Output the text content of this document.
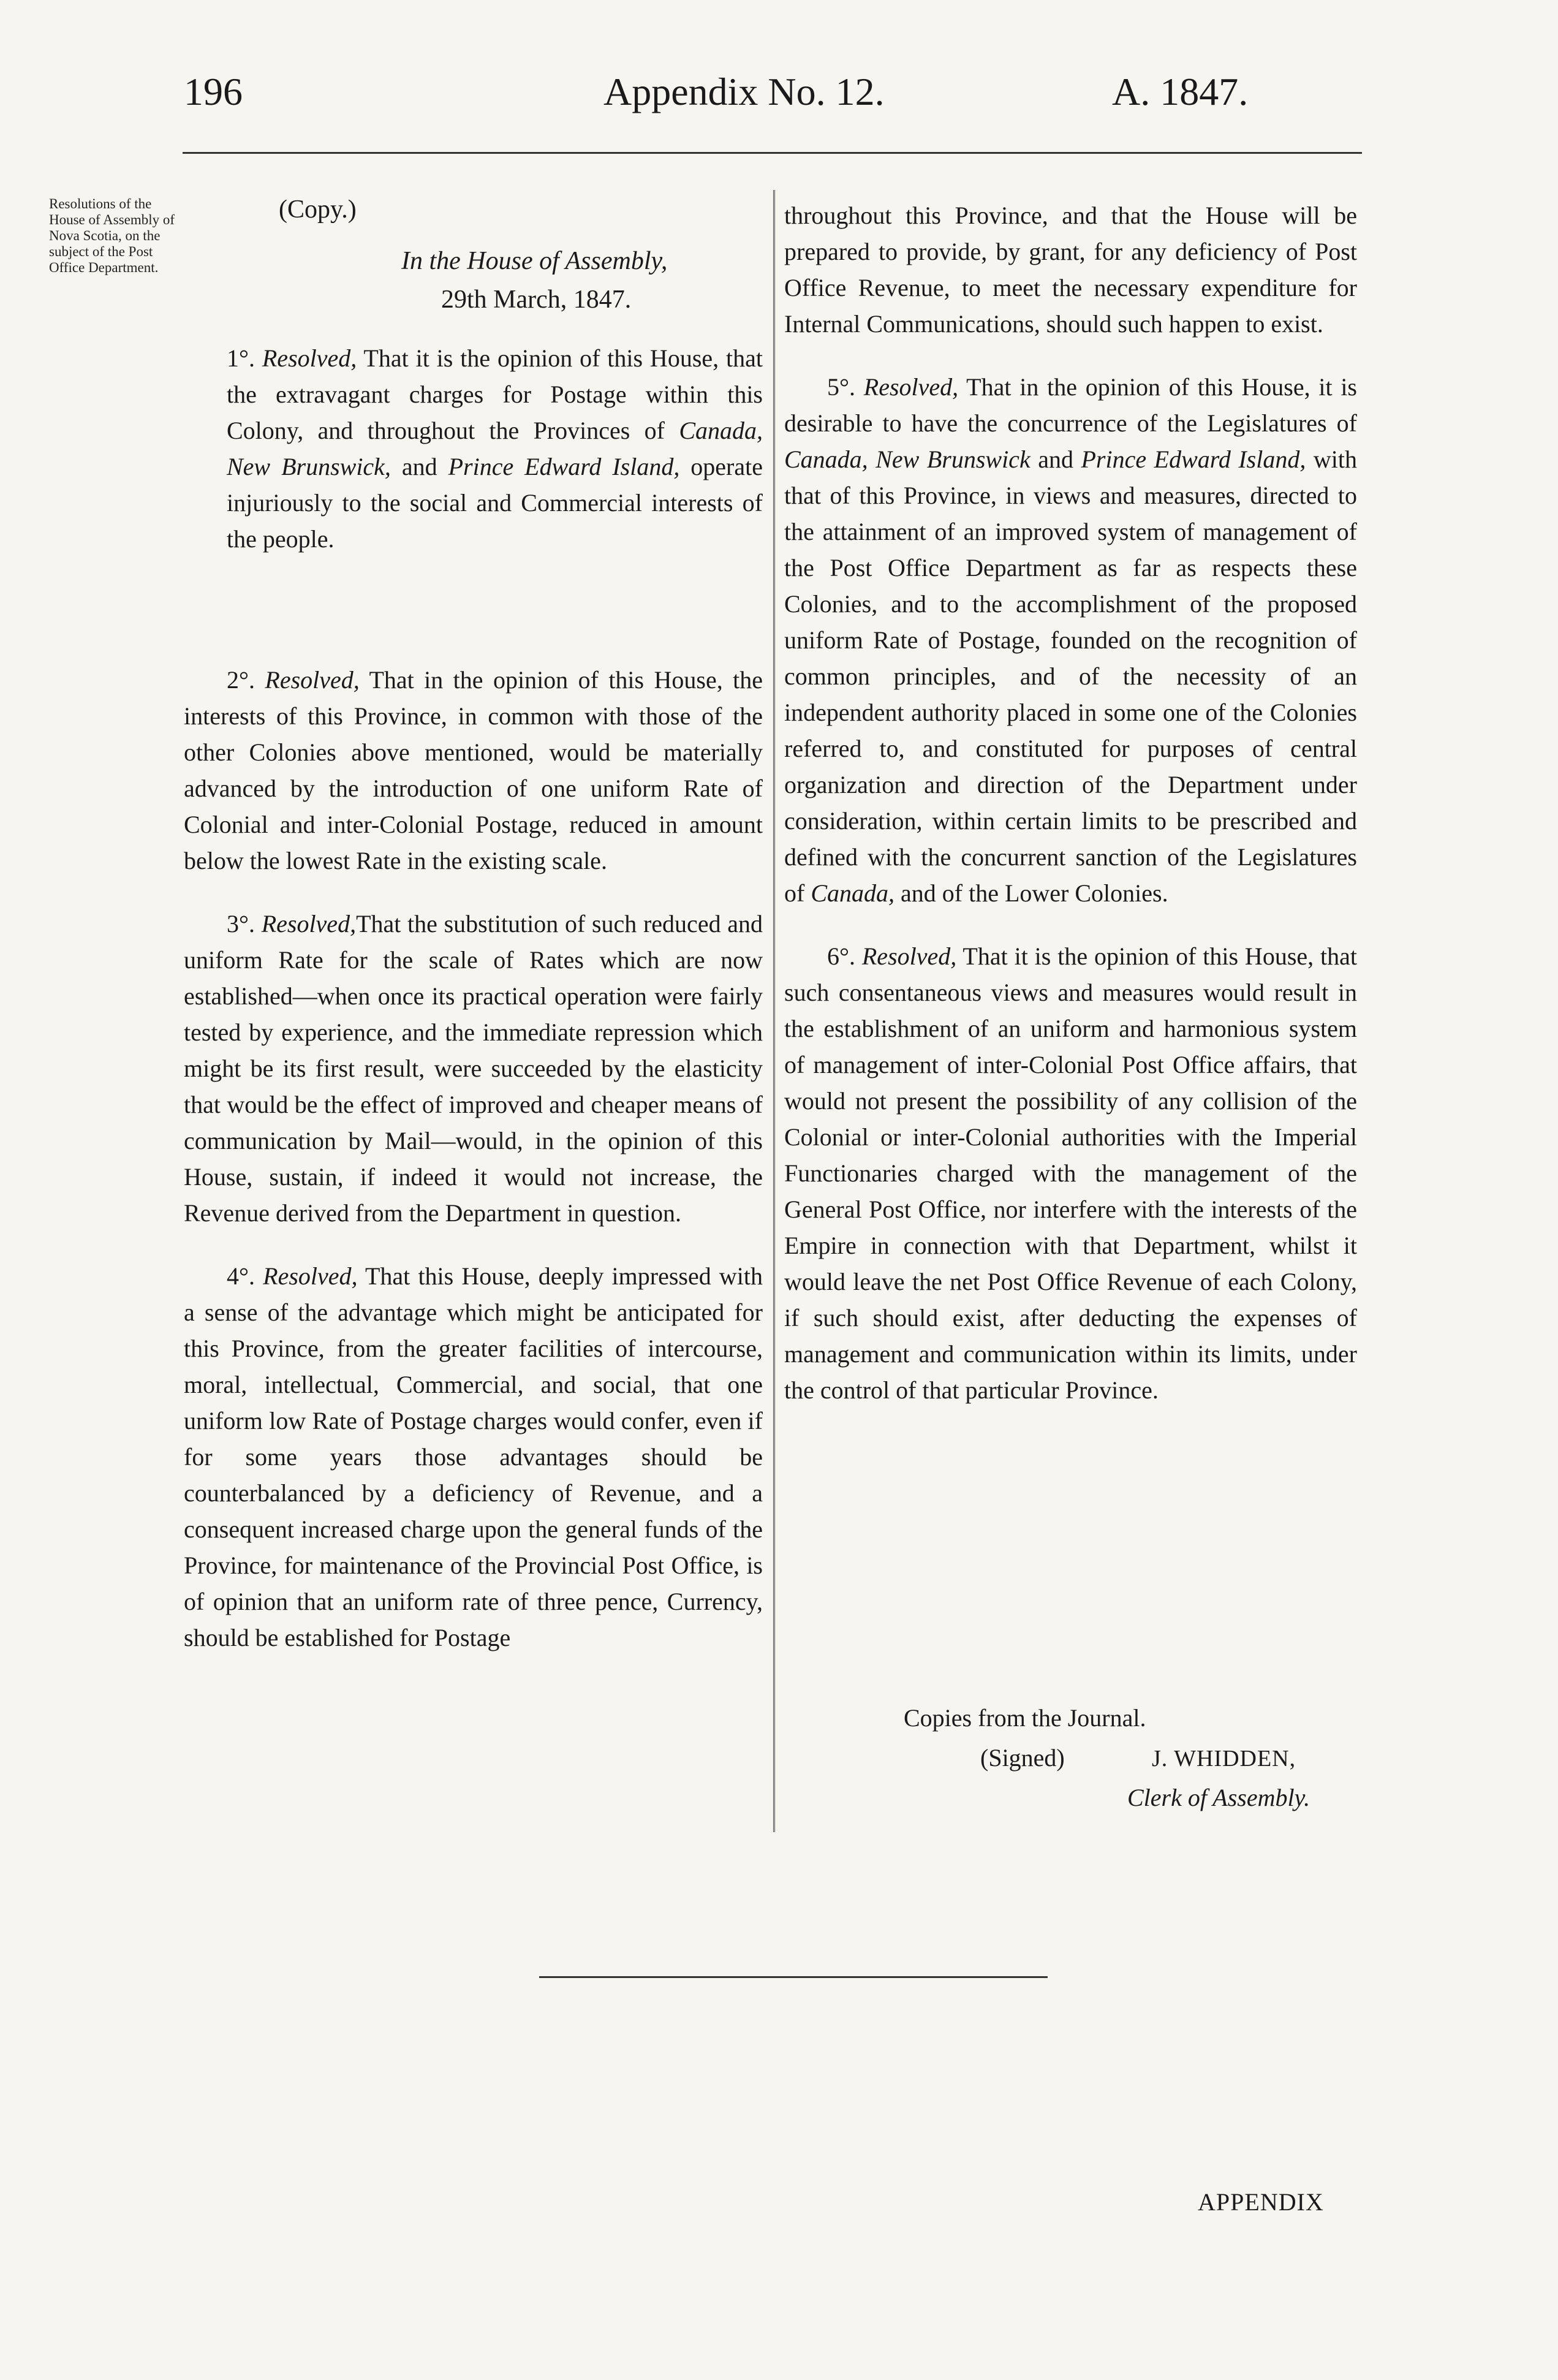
196	Appendix No. 12.	A. 1847.
Resolutions of the House of Assembly of Nova Scotia, on the subject of the Post Office Department.
(Copy.)
In the House of Assembly,
29th March, 1847.
1°. Resolved, That it is the opinion of this House, that the extravagant charges for Postage within this Colony, and throughout the Provinces of Canada, New Brunswick, and Prince Edward Island, operate injuriously to the social and Commercial interests of the people.

2°. Resolved, That in the opinion of this House, the interests of this Province, in common with those of the other Colonies above mentioned, would be materially advanced by the introduction of one uniform Rate of Colonial and inter-Colonial Postage, reduced in amount below the lowest Rate in the existing scale.

3°. Resolved,That the substitution of such reduced and uniform Rate for the scale of Rates which are now established—when once its practical operation were fairly tested by experience, and the immediate repression which might be its first result, were succeeded by the elasticity that would be the effect of improved and cheaper means of communication by Mail—would, in the opinion of this House, sustain, if indeed it would not increase, the Revenue derived from the Department in question.

4°. Resolved, That this House, deeply impressed with a sense of the advantage which might be anticipated for this Province, from the greater facilities of intercourse, moral, intellectual, Commercial, and social, that one uniform low Rate of Postage charges would confer, even if for some years those advantages should be counterbalanced by a deficiency of Revenue, and a consequent increased charge upon the general funds of the Province, for maintenance of the Provincial Post Office, is of opinion that an uniform rate of three pence, Currency, should be established for Postage

throughout this Province, and that the House will be prepared to provide, by grant, for any deficiency of Post Office Revenue, to meet the necessary expenditure for Internal Communications, should such happen to exist.

5°. Resolved, That in the opinion of this House, it is desirable to have the concurrence of the Legislatures of Canada, New Brunswick and Prince Edward Island, with that of this Province, in views and measures, directed to the attainment of an improved system of management of the Post Office Department as far as respects these Colonies, and to the accomplishment of the proposed uniform Rate of Postage, founded on the recognition of common principles, and of the necessity of an independent authority placed in some one of the Colonies referred to, and constituted for purposes of central organization and direction of the Department under consideration, within certain limits to be prescribed and defined with the concurrent sanction of the Legislatures of Canada, and of the Lower Colonies.

6°. Resolved, That it is the opinion of this House, that such consentaneous views and measures would result in the establishment of an uniform and harmonious system of management of inter-Colonial Post Office affairs, that would not present the possibility of any collision of the Colonial or inter-Colonial authorities with the Imperial Functionaries charged with the management of the General Post Office, nor interfere with the interests of the Empire in connection with that Department, whilst it would leave the net Post Office Revenue of each Colony, if such should exist, after deducting the expenses of management and communication within its limits, under the control of that particular Province.

Copies from the Journal.
(Signed)	J. WHIDDEN,
Clerk of Assembly.
APPENDIX
